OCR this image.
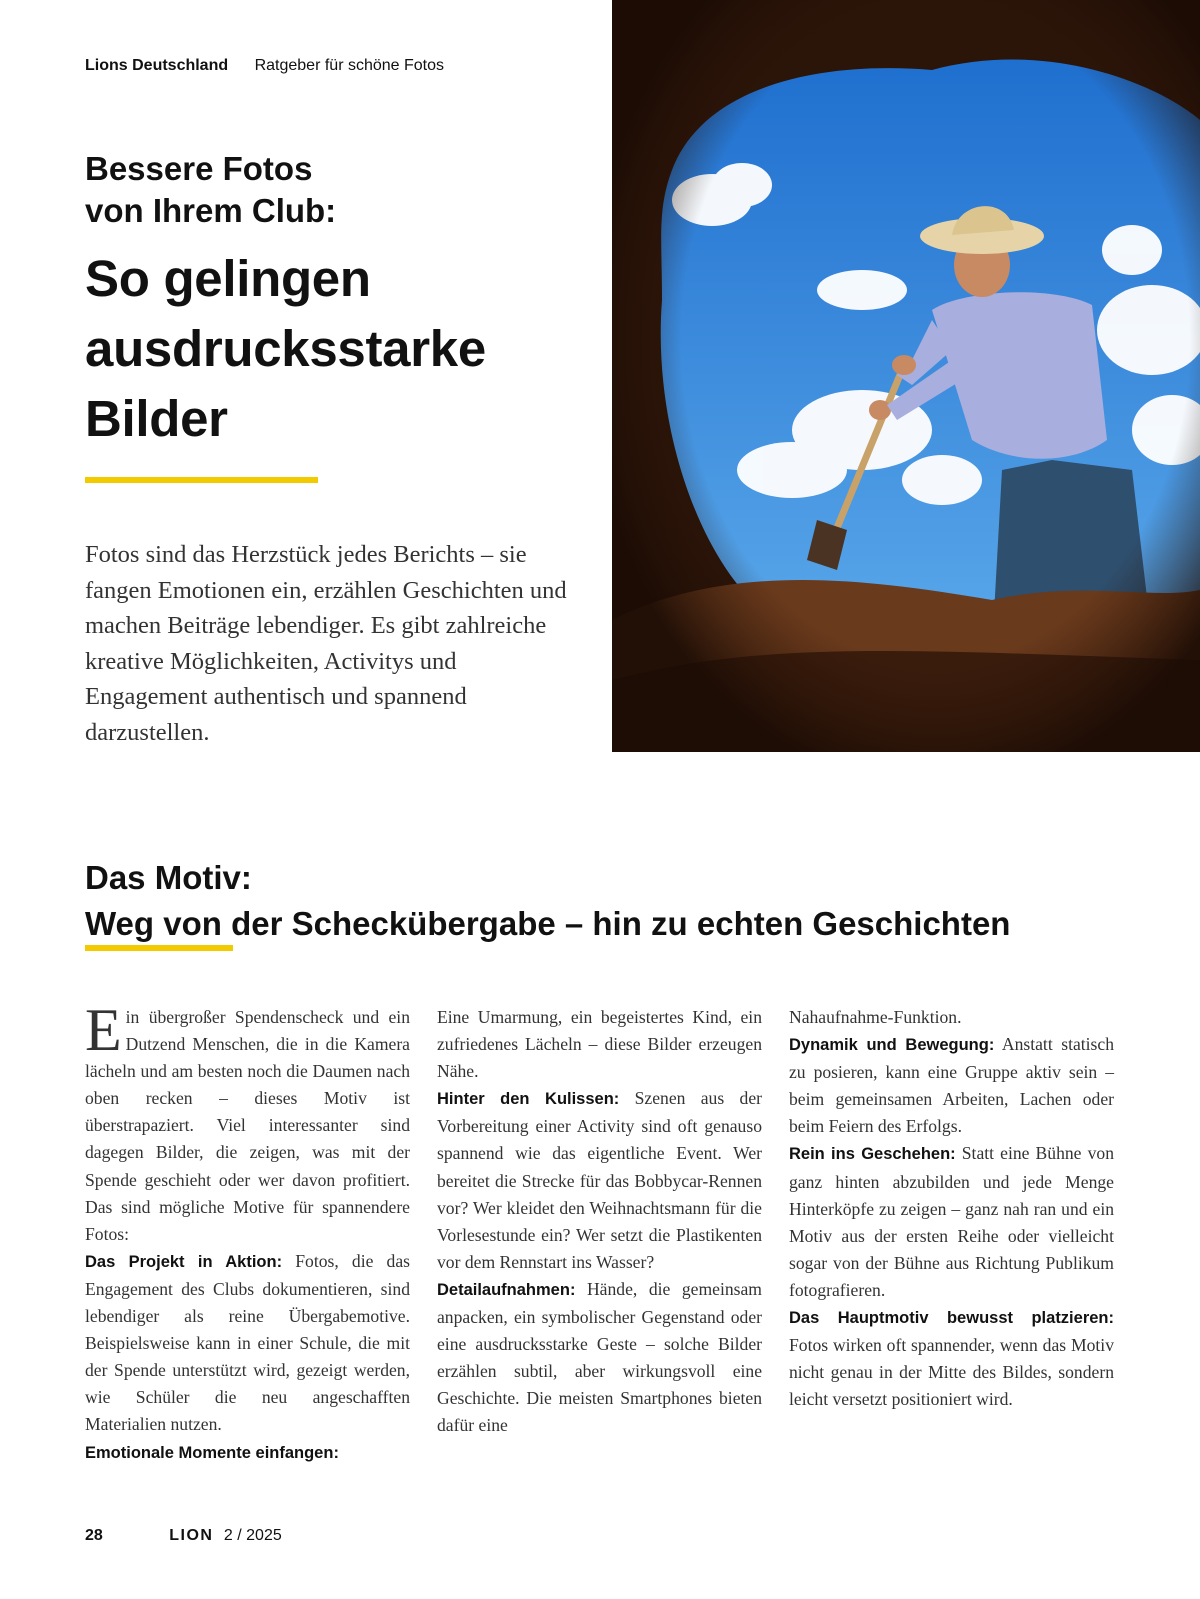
Lions Deutschland Ratgeber für schöne Fotos
Bessere Fotos
von Ihrem Club:
So gelingen
ausdrucksstarke
Bilder
Fotos sind das Herzstück jedes Berichts – sie fangen Emotionen ein, erzählen Geschichten und machen Beiträge lebendiger. Es gibt zahlreiche kreative Möglichkeiten, Activitys und Engagement authentisch und spannend darzustellen.
Das Motiv:
Weg von der Scheckübergabe – hin zu echten Geschichten

Ein übergroßer Spendenscheck und ein Dutzend Menschen, die in die Kamera lächeln und am besten noch die Daumen nach oben recken – dieses Motiv ist überstrapaziert. Viel interessanter sind dagegen Bilder, die zeigen, was mit der Spende geschieht oder wer davon profitiert. Das sind mögliche Motive für spannendere Fotos:

Das Projekt in Aktion: Fotos, die das Engagement des Clubs dokumentieren, sind lebendiger als reine Übergabemotive. Beispielsweise kann in einer Schule, die mit der Spende unterstützt wird, gezeigt werden, wie Schüler die neu angeschafften Materialien nutzen.

Emotionale Momente einfangen:

Eine Umarmung, ein begeistertes Kind, ein zufriedenes Lächeln – diese Bilder erzeugen Nähe.

Hinter den Kulissen: Szenen aus der Vorbereitung einer Activity sind oft genauso spannend wie das eigentliche Event. Wer bereitet die Strecke für das Bobbycar-Rennen vor? Wer kleidet den Weihnachtsmann für die Vorlesestunde ein? Wer setzt die Plastikenten vor dem Rennstart ins Wasser?

Detailaufnahmen: Hände, die gemeinsam anpacken, ein symbolischer Gegenstand oder eine ausdrucksstarke Geste – solche Bilder erzählen subtil, aber wirkungsvoll eine Geschichte. Die meisten Smartphones bieten dafür eine

Nahaufnahme-Funktion.

Dynamik und Bewegung: Anstatt statisch zu posieren, kann eine Gruppe aktiv sein – beim gemeinsamen Arbeiten, Lachen oder beim Feiern des Erfolgs.

Rein ins Geschehen: Statt eine Bühne von ganz hinten abzubilden und jede Menge Hinterköpfe zu zeigen – ganz nah ran und ein Motiv aus der ersten Reihe oder vielleicht sogar von der Bühne aus Richtung Publikum fotografieren.

Das Hauptmotiv bewusst platzieren: Fotos wirken oft spannender, wenn das Motiv nicht genau in der Mitte des Bildes, sondern leicht versetzt positioniert wird.

28	LION 2 / 2025
